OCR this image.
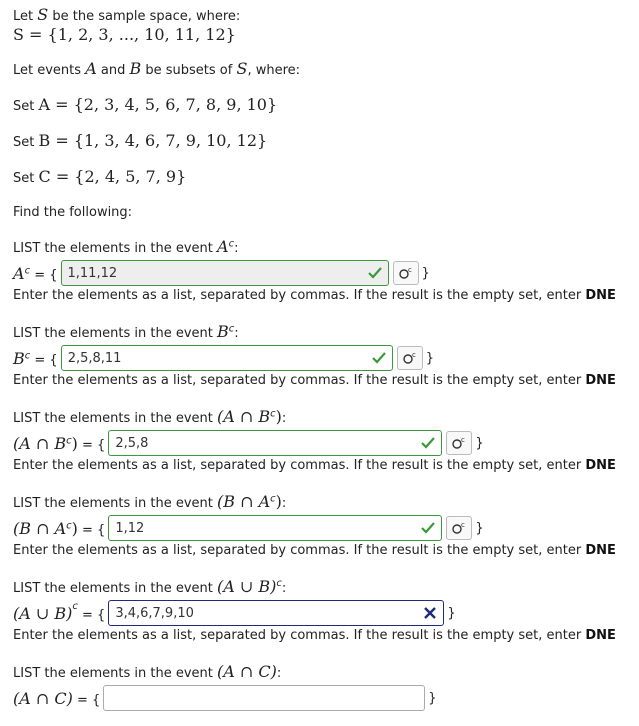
Let S be the sample space, where:
S = {1, 2, 3, ..., 10, 11, 12}
Let events A and B be subsets of S, where:
Set A = {2, 3, 4, 5, 6, 7, 8, 9, 10}
Set B = {1, 3, 4, 6, 7, 9, 10, 12}
Set C = {2, 4, 5, 7, 9}
Find the following:
LIST the elements in the event $A^c$:
$A^c$ = { 1,11,12	c }
Enter the elements as a list, separated by commas. If the result is the empty set, enter DNE
LIST the elements in the event $B^c$:
$B^c$ = { 2,5,8,11	c }
Enter the elements as a list, separated by commas. If the result is the empty set, enter DNE
LIST the elements in the event (A ∩ $B^c$):
(A ∩ $B^c$) = { 2,5,8	c }
Enter the elements as a list, separated by commas. If the result is the empty set, enter DNE
LIST the elements in the event (B ∩ $A^c$):
(B ∩ $A^c$) = { 1,12	c }
Enter the elements as a list, separated by commas. If the result is the empty set, enter DNE
LIST the elements in the event (A ∪ B)$^c$:
(A ∪ B)$^c$ = { 3,4,6,7,9,10	}
Enter the elements as a list, separated by commas. If the result is the empty set, enter DNE
LIST the elements in the event (A ∩ C):
(A ∩ C) = {	}
